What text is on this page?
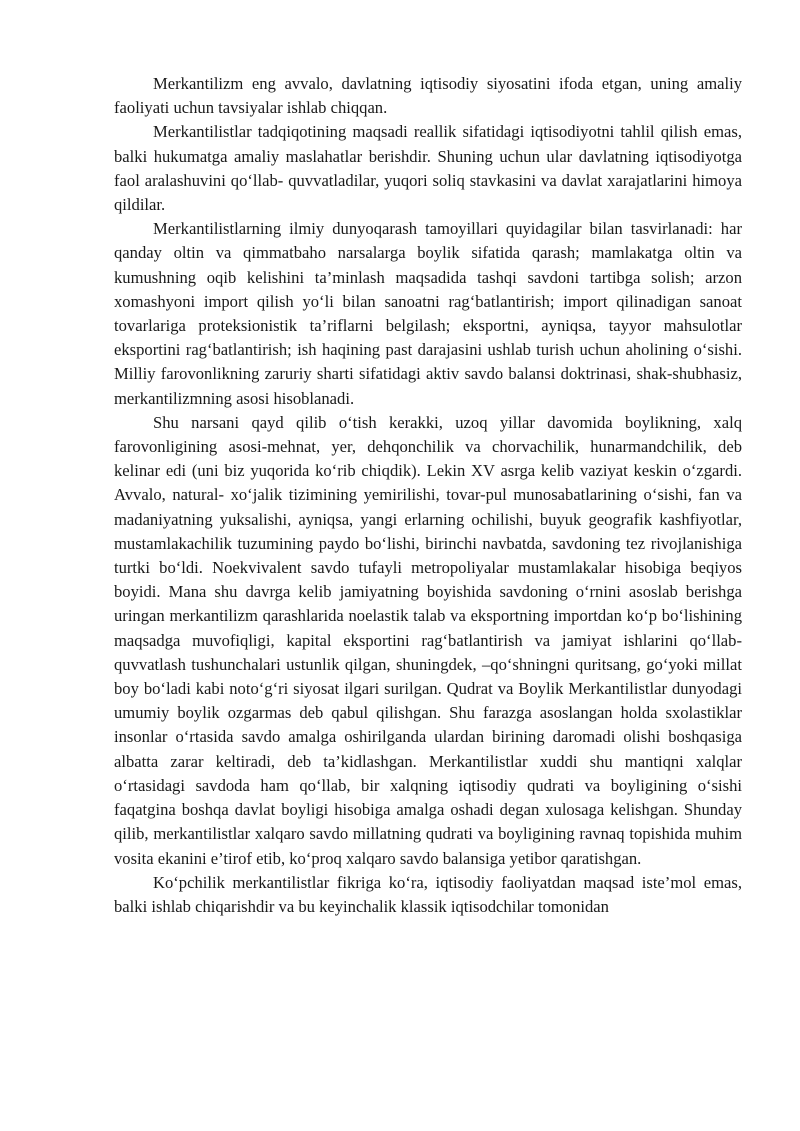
Merkantilizm eng avvalo, davlatning iqtisodiy siyosatini ifoda etgan, uning amaliy faoliyati uchun tavsiyalar ishlab chiqqan.

Merkantilistlar tadqiqotining maqsadi reallik sifatidagi iqtisodiyotni tahlil qilish emas, balki hukumatga amaliy maslahatlar berishdir. Shuning uchun ular davlatning iqtisodiyotga faol aralashuvini qo‘llab- quvvatladilar, yuqori soliq stavkasini va davlat xarajatlarini himoya qildilar.

Merkantilistlarning ilmiy dunyoqarash tamoyillari quyidagilar bilan tasvirlanadi: har qanday oltin va qimmatbaho narsalarga boylik sifatida qarash; mamlakatga oltin va kumushning oqib kelishini ta’minlash maqsadida tashqi savdoni tartibga solish; arzon xomashyoni import qilish yo‘li bilan sanoatni rag‘batlantirish; import qilinadigan sanoat tovarlariga proteksionistik ta’riflarni belgilash; eksportni, ayniqsa, tayyor mahsulotlar eksportini rag‘batlantirish; ish haqining past darajasini ushlab turish uchun aholining o‘sishi. Milliy farovonlikning zaruriy sharti sifatidagi aktiv savdo balansi doktrinasi, shak-shubhasiz, merkantilizmning asosi hisoblanadi.

Shu narsani qayd qilib o‘tish kerakki, uzoq yillar davomida boylikning, xalq farovonligining asosi-mehnat, yer, dehqonchilik va chorvachilik, hunarmandchilik, deb kelinar edi (uni biz yuqorida ko‘rib chiqdik). Lekin XV asrga kelib vaziyat keskin o‘zgardi. Avvalo, natural- xo‘jalik tizimining yemirilishi, tovar-pul munosabatlarining o‘sishi, fan va madaniyatning yuksalishi, ayniqsa, yangi erlarning ochilishi, buyuk geografik kashfiyotlar, mustamlakachilik tuzumining paydo bo‘lishi, birinchi navbatda, savdoning tez rivojlanishiga turtki bo‘ldi. Noekvivalent savdo tufayli metropoliyalar mustamlakalar hisobiga beqiyos boyidi. Mana shu davrga kelib jamiyatning boyishida savdoning o‘rnini asoslab berishga uringan merkantilizm qarashlarida noelastik talab va eksportning importdan ko‘p bo‘lishining maqsadga muvofiqligi, kapital eksportini rag‘batlantirish va jamiyat ishlarini qo‘llab-quvvatlash tushunchalari ustunlik qilgan, shuningdek, –qo‘shningni quritsang, go‘yoki millat boy bo‘ladi kabi noto‘g‘ri siyosat ilgari surilgan. Qudrat va Boylik Merkantilistlar dunyodagi umumiy boylik ozgarmas deb qabul qilishgan. Shu farazga asoslangan holda sxolastiklar insonlar o‘rtasida savdo amalga oshirilganda ulardan birining daromadi olishi boshqasiga albatta zarar keltiradi, deb ta’kidlashgan. Merkantilistlar xuddi shu mantiqni xalqlar o‘rtasidagi savdoda ham qo‘llab, bir xalqning iqtisodiy qudrati va boyligining o‘sishi faqatgina boshqa davlat boyligi hisobiga amalga oshadi degan xulosaga kelishgan. Shunday qilib, merkantilistlar xalqaro savdo millatning qudrati va boyligining ravnaq topishida muhim vosita ekanini e’tirof etib, ko‘proq xalqaro savdo balansiga yetibor qaratishgan.

Ko‘pchilik merkantilistlar fikriga ko‘ra, iqtisodiy faoliyatdan maqsad iste’mol emas, balki ishlab chiqarishdir va bu keyinchalik klassik iqtisodchilar tomonidan
